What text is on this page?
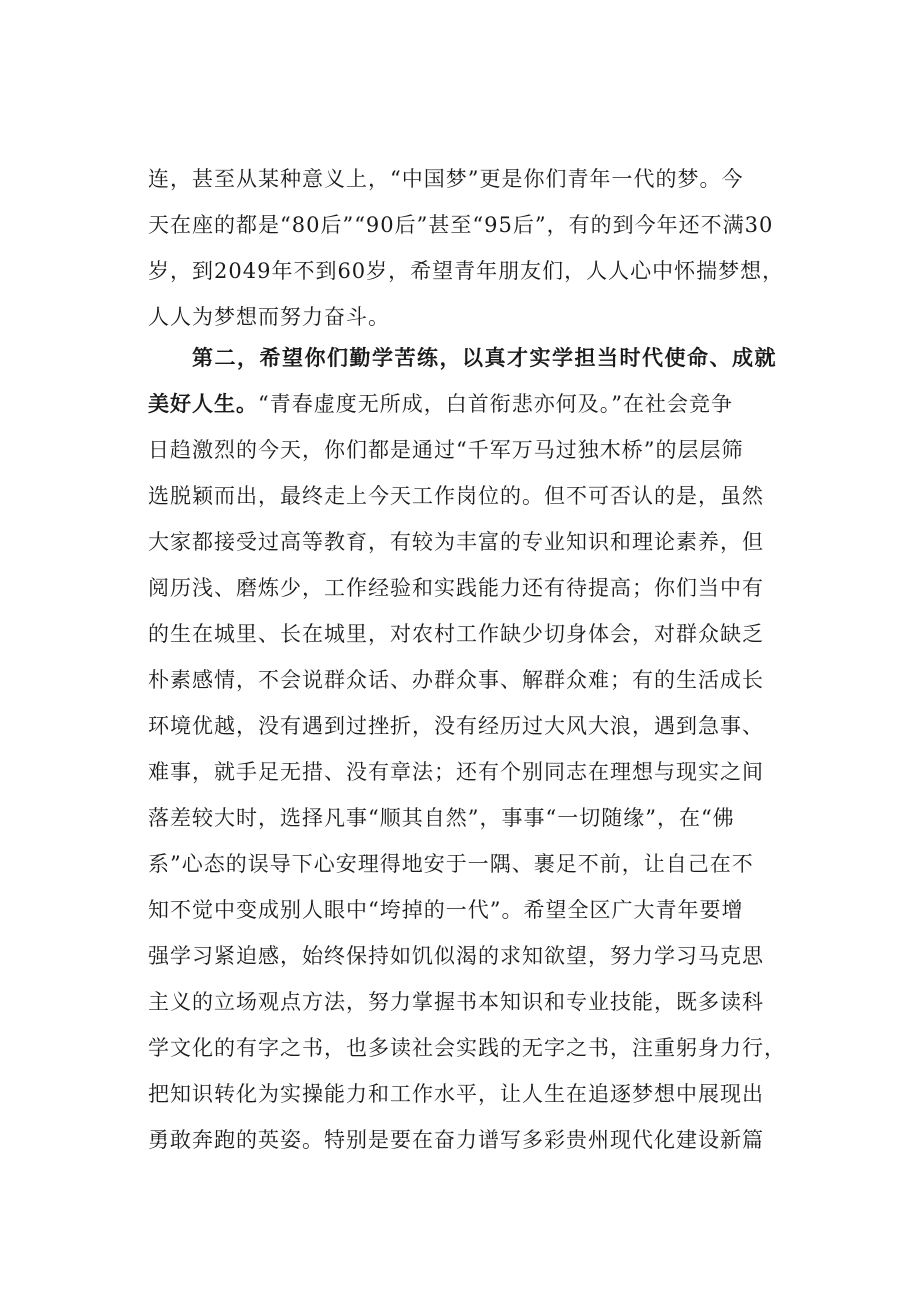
连，甚至从某种意义上，“中国梦”更是你们青年一代的梦。今
天在座的都是“80后”“90后”甚至“95后”，有的到今年还不满30
岁，到2049年不到60岁，希望青年朋友们，人人心中怀揣梦想，
人人为梦想而努力奋斗。
第二，希望你们勤学苦练，以真才实学担当时代使命、成就
美好人生。“青春虚度无所成，白首衔悲亦何及。”在社会竞争
日趋激烈的今天，你们都是通过“千军万马过独木桥”的层层筛
选脱颖而出，最终走上今天工作岗位的。但不可否认的是，虽然
大家都接受过高等教育，有较为丰富的专业知识和理论素养，但
阅历浅、磨炼少，工作经验和实践能力还有待提高；你们当中有
的生在城里、长在城里，对农村工作缺少切身体会，对群众缺乏
朴素感情，不会说群众话、办群众事、解群众难；有的生活成长
环境优越，没有遇到过挫折，没有经历过大风大浪，遇到急事、
难事，就手足无措、没有章法；还有个别同志在理想与现实之间
落差较大时，选择凡事“顺其自然”，事事“一切随缘”，在“佛
系”心态的误导下心安理得地安于一隅、裹足不前，让自己在不
知不觉中变成别人眼中“垮掉的一代”。希望全区广大青年要增
强学习紧迫感，始终保持如饥似渴的求知欲望，努力学习马克思
主义的立场观点方法，努力掌握书本知识和专业技能，既多读科
学文化的有字之书，也多读社会实践的无字之书，注重躬身力行，
把知识转化为实操能力和工作水平，让人生在追逐梦想中展现出
勇敢奔跑的英姿。特别是要在奋力谱写多彩贵州现代化建设新篇
